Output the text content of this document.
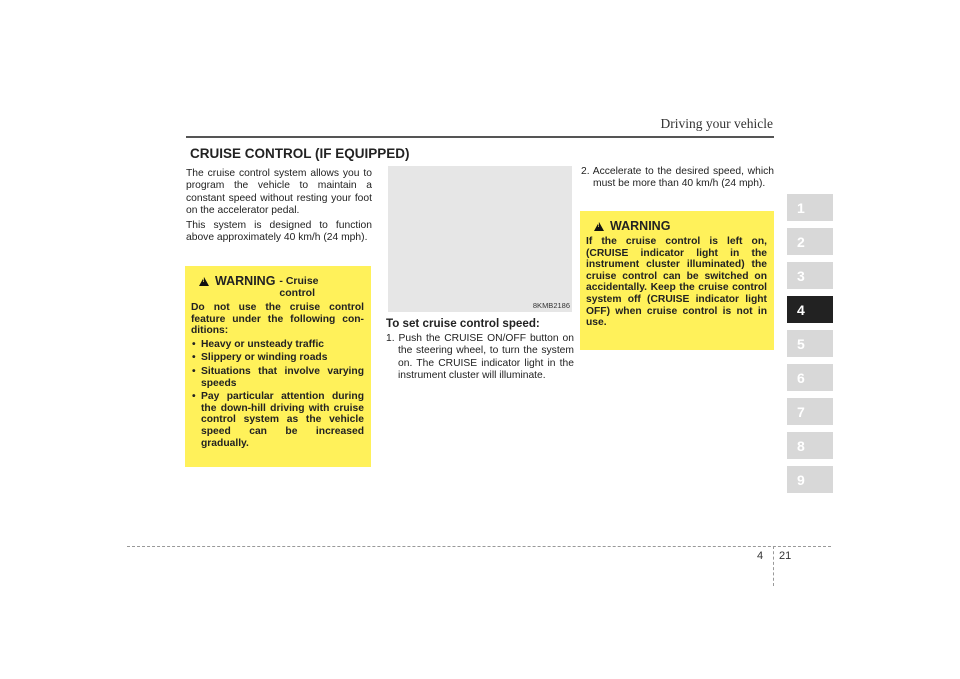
Driving your vehicle
CRUISE CONTROL (IF EQUIPPED)

The cruise control system allows you to program the vehicle to maintain a constant speed without resting your foot on the accelerator pedal.

This system is designed to function above approximately 40 km/h (24 mph).

!
WARNING - Cruise control

Do not use the cruise control feature under the following con-ditions:

• Heavy or unsteady traffic
• Slippery or winding roads
• Situations that involve varying speeds
• Pay particular attention during the down-hill driving with cruise control system as the vehicle speed can be increased gradually.
8KMB2186
To set cruise control speed:
1. Push the CRUISE ON/OFF button on the steering wheel, to turn the system on. The CRUISE indicator light in the instrument cluster will illuminate.
2. Accelerate to the desired speed, which must be more than 40 km/h (24 mph).
!
WARNING

If the cruise control is left on, (CRUISE indicator light in the instrument cluster illuminated) the cruise control can be switched on accidentally. Keep the cruise control system off (CRUISE indicator light OFF) when cruise control is not in use.

1
2
3
4
5
6
7
8
9
4 21
